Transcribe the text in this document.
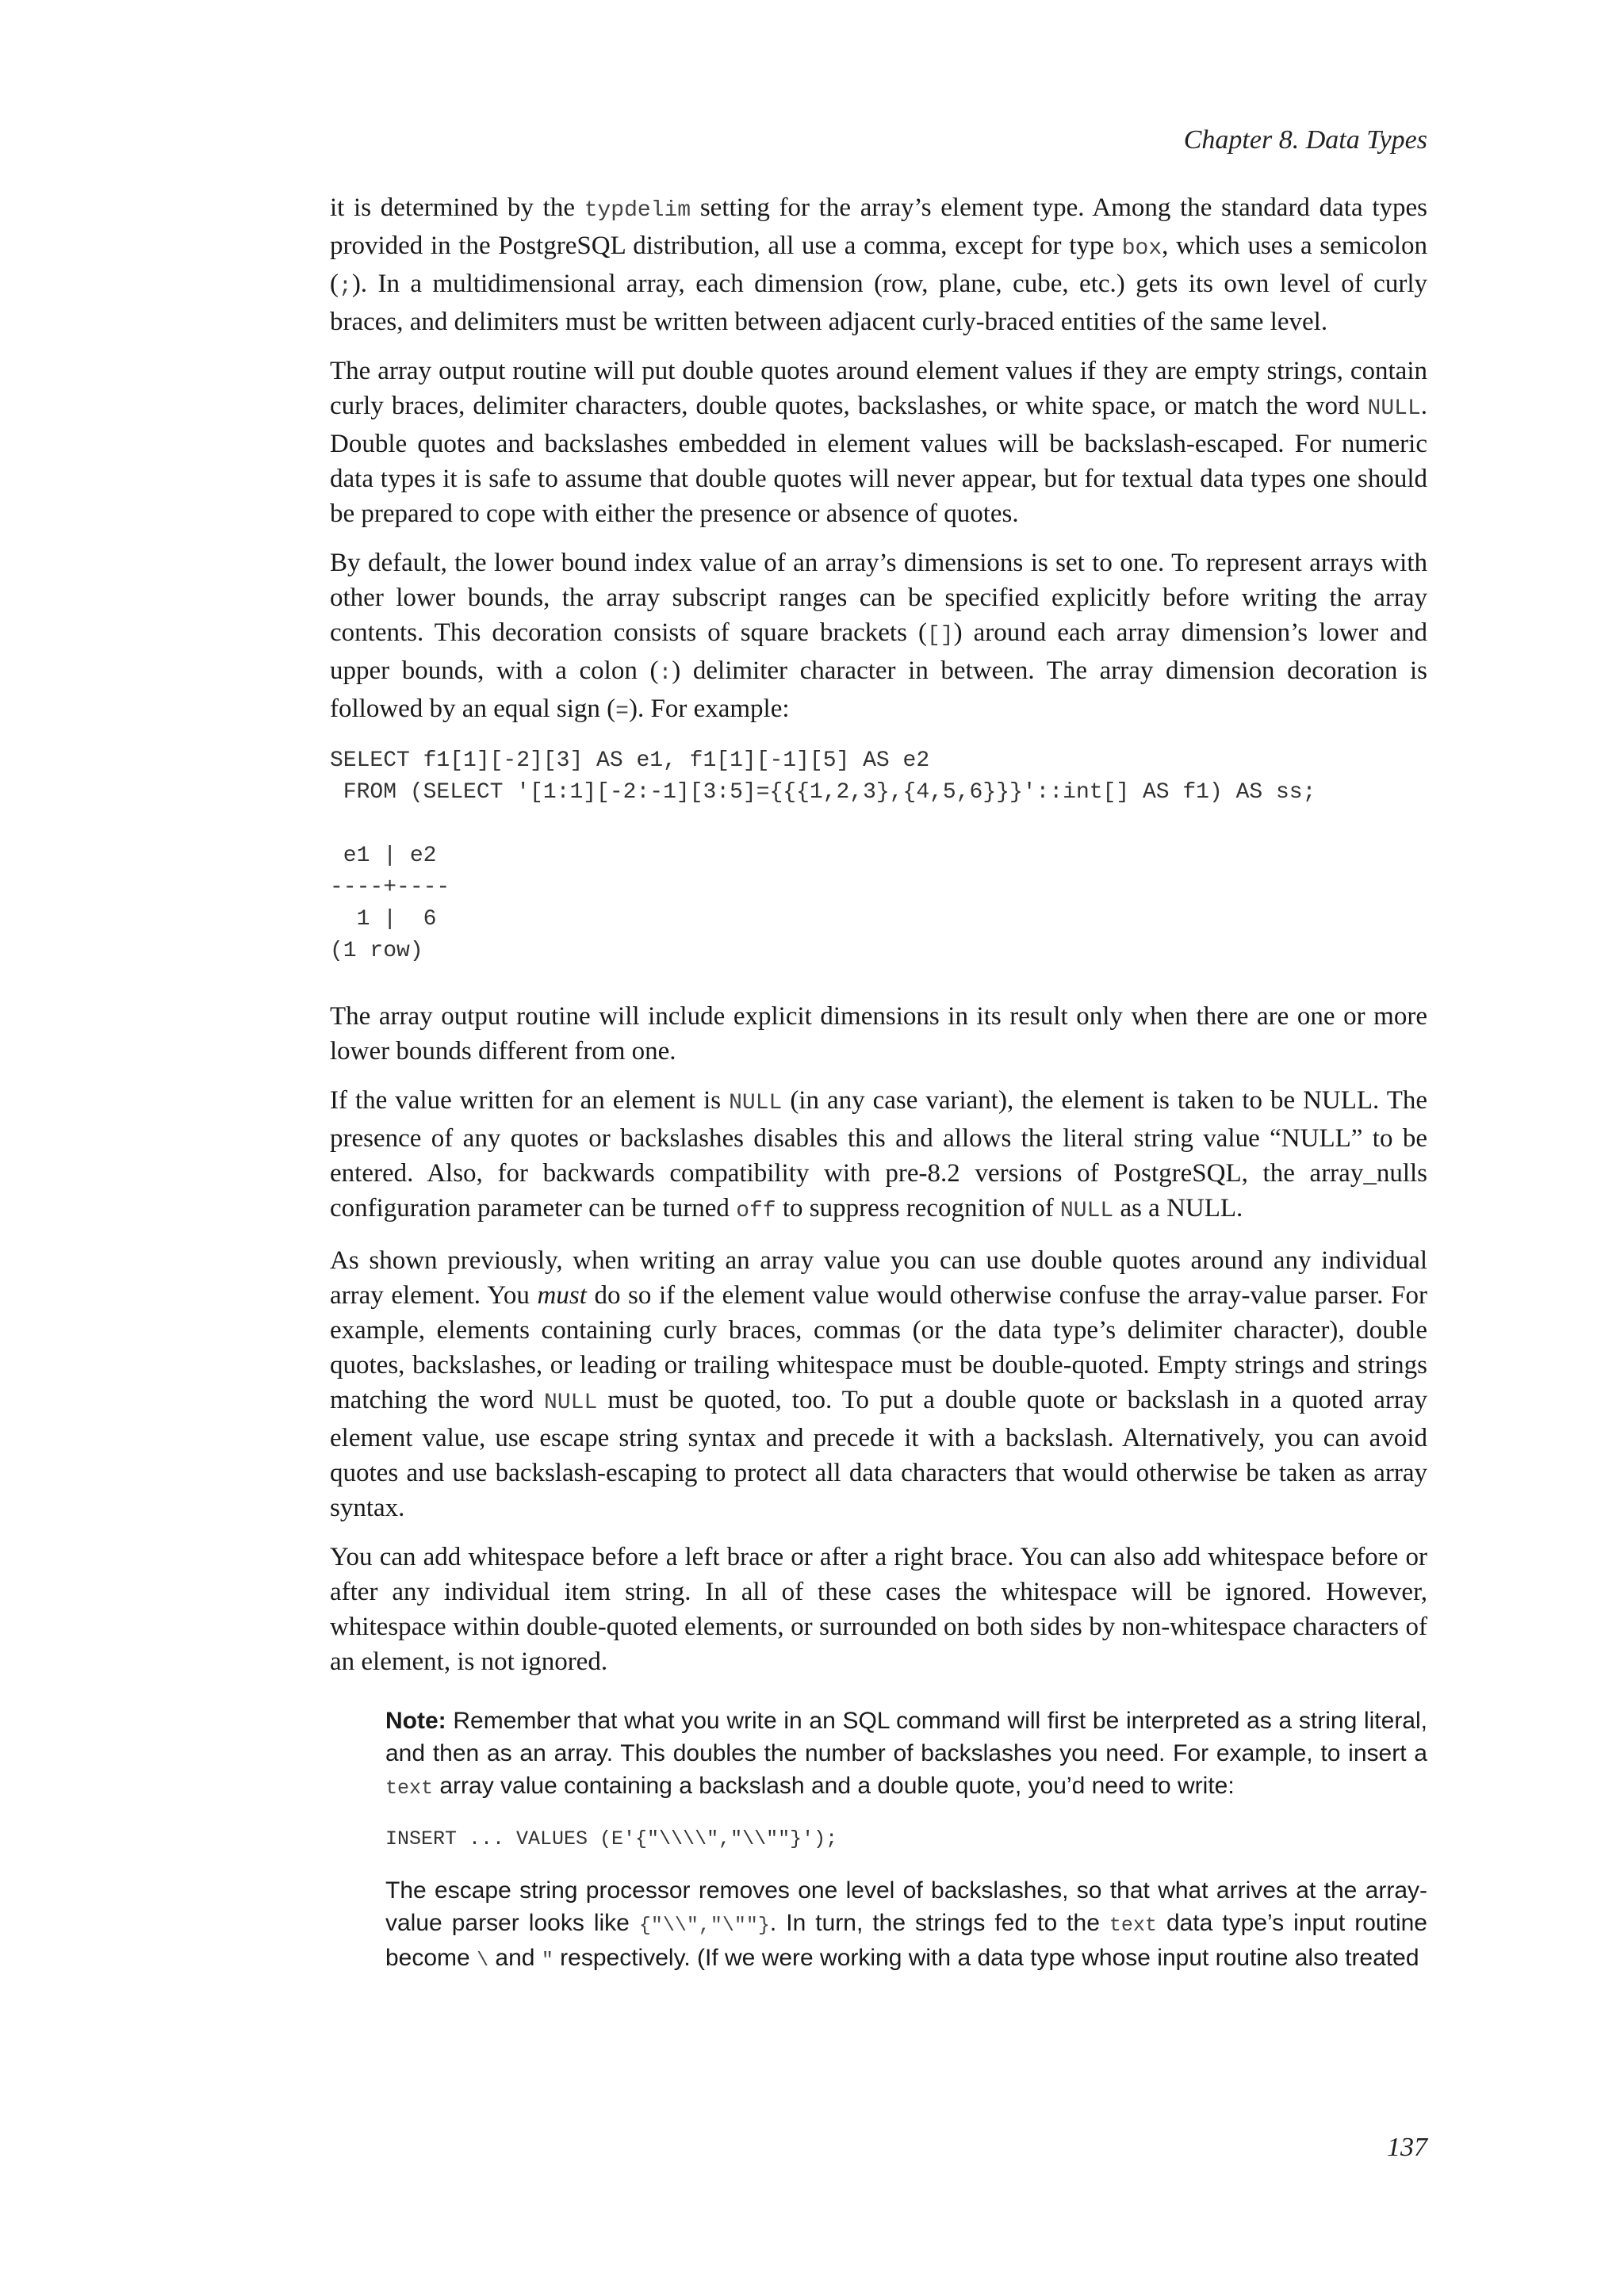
Chapter 8. Data Types

it is determined by the typdelim setting for the array’s element type. Among the standard data types provided in the PostgreSQL distribution, all use a comma, except for type box, which uses a semicolon (;). In a multidimensional array, each dimension (row, plane, cube, etc.) gets its own level of curly braces, and delimiters must be written between adjacent curly-braced entities of the same level.

The array output routine will put double quotes around element values if they are empty strings, contain curly braces, delimiter characters, double quotes, backslashes, or white space, or match the word NULL. Double quotes and backslashes embedded in element values will be backslash-escaped. For numeric data types it is safe to assume that double quotes will never appear, but for textual data types one should be prepared to cope with either the presence or absence of quotes.

By default, the lower bound index value of an array’s dimensions is set to one. To represent arrays with other lower bounds, the array subscript ranges can be specified explicitly before writing the array contents. This decoration consists of square brackets ([]) around each array dimension’s lower and upper bounds, with a colon (:) delimiter character in between. The array dimension decoration is followed by an equal sign (=). For example:

SELECT f1[1][-2][3] AS e1, f1[1][-1][5] AS e2
FROM (SELECT '[1:1][-2:-1][3:5]={{{1,2,3},{4,5,6}}}'::int[] AS f1) AS ss;

e1 | e2
----+----
1 |  6
(1 row)

The array output routine will include explicit dimensions in its result only when there are one or more lower bounds different from one.

If the value written for an element is NULL (in any case variant), the element is taken to be NULL. The presence of any quotes or backslashes disables this and allows the literal string value “NULL” to be entered. Also, for backwards compatibility with pre-8.2 versions of PostgreSQL, the array_nulls configuration parameter can be turned off to suppress recognition of NULL as a NULL.

As shown previously, when writing an array value you can use double quotes around any individual array element. You must do so if the element value would otherwise confuse the array-value parser. For example, elements containing curly braces, commas (or the data type’s delimiter character), double quotes, backslashes, or leading or trailing whitespace must be double-quoted. Empty strings and strings matching the word NULL must be quoted, too. To put a double quote or backslash in a quoted array element value, use escape string syntax and precede it with a backslash. Alternatively, you can avoid quotes and use backslash-escaping to protect all data characters that would otherwise be taken as array syntax.

You can add whitespace before a left brace or after a right brace. You can also add whitespace before or after any individual item string. In all of these cases the whitespace will be ignored. However, whitespace within double-quoted elements, or surrounded on both sides by non-whitespace characters of an element, is not ignored.

Note: Remember that what you write in an SQL command will first be interpreted as a string literal, and then as an array. This doubles the number of backslashes you need. For example, to insert a text array value containing a backslash and a double quote, you’d need to write:

INSERT ... VALUES (E'{"\\\\","\\""}');

The escape string processor removes one level of backslashes, so that what arrives at the array-value parser looks like {"\\","\""}. In turn, the strings fed to the text data type’s input routine become \ and " respectively. (If we were working with a data type whose input routine also treated

137
